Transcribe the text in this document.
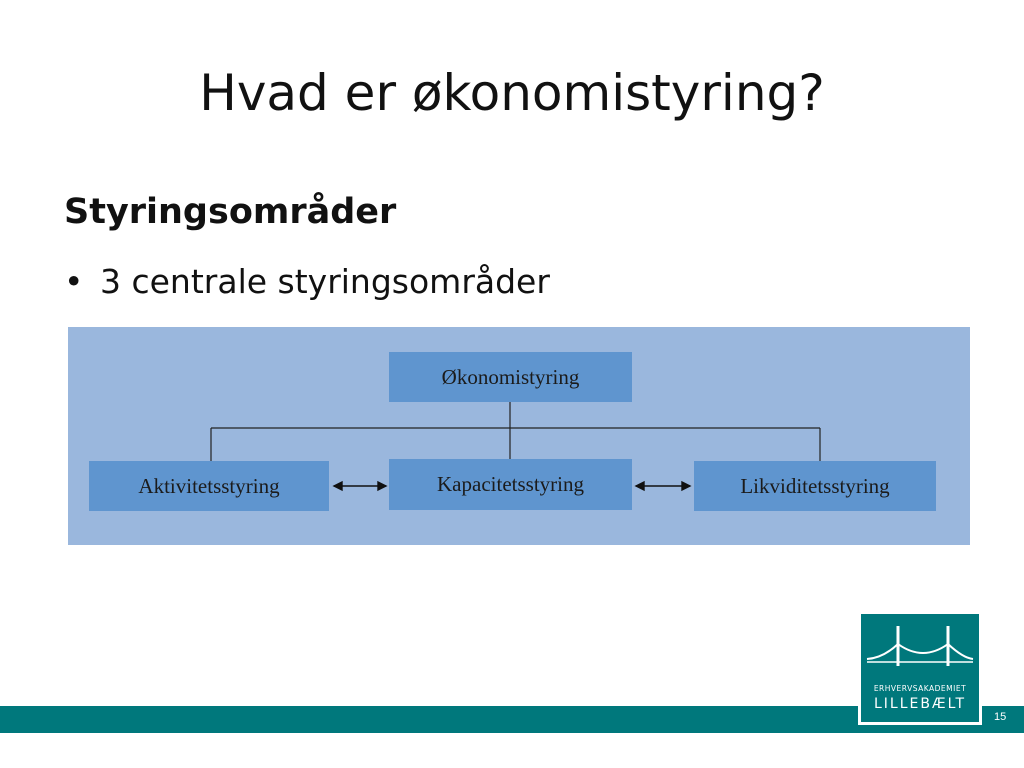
Hvad er økonomistyring?
Styringsområder
• 3 centrale styringsområder
Økonomistyring
Aktivitetsstyring	Kapacitetsstyring	Likviditetsstyring
15
ERHVERVSAKADEMIET
LILLEBÆLT
